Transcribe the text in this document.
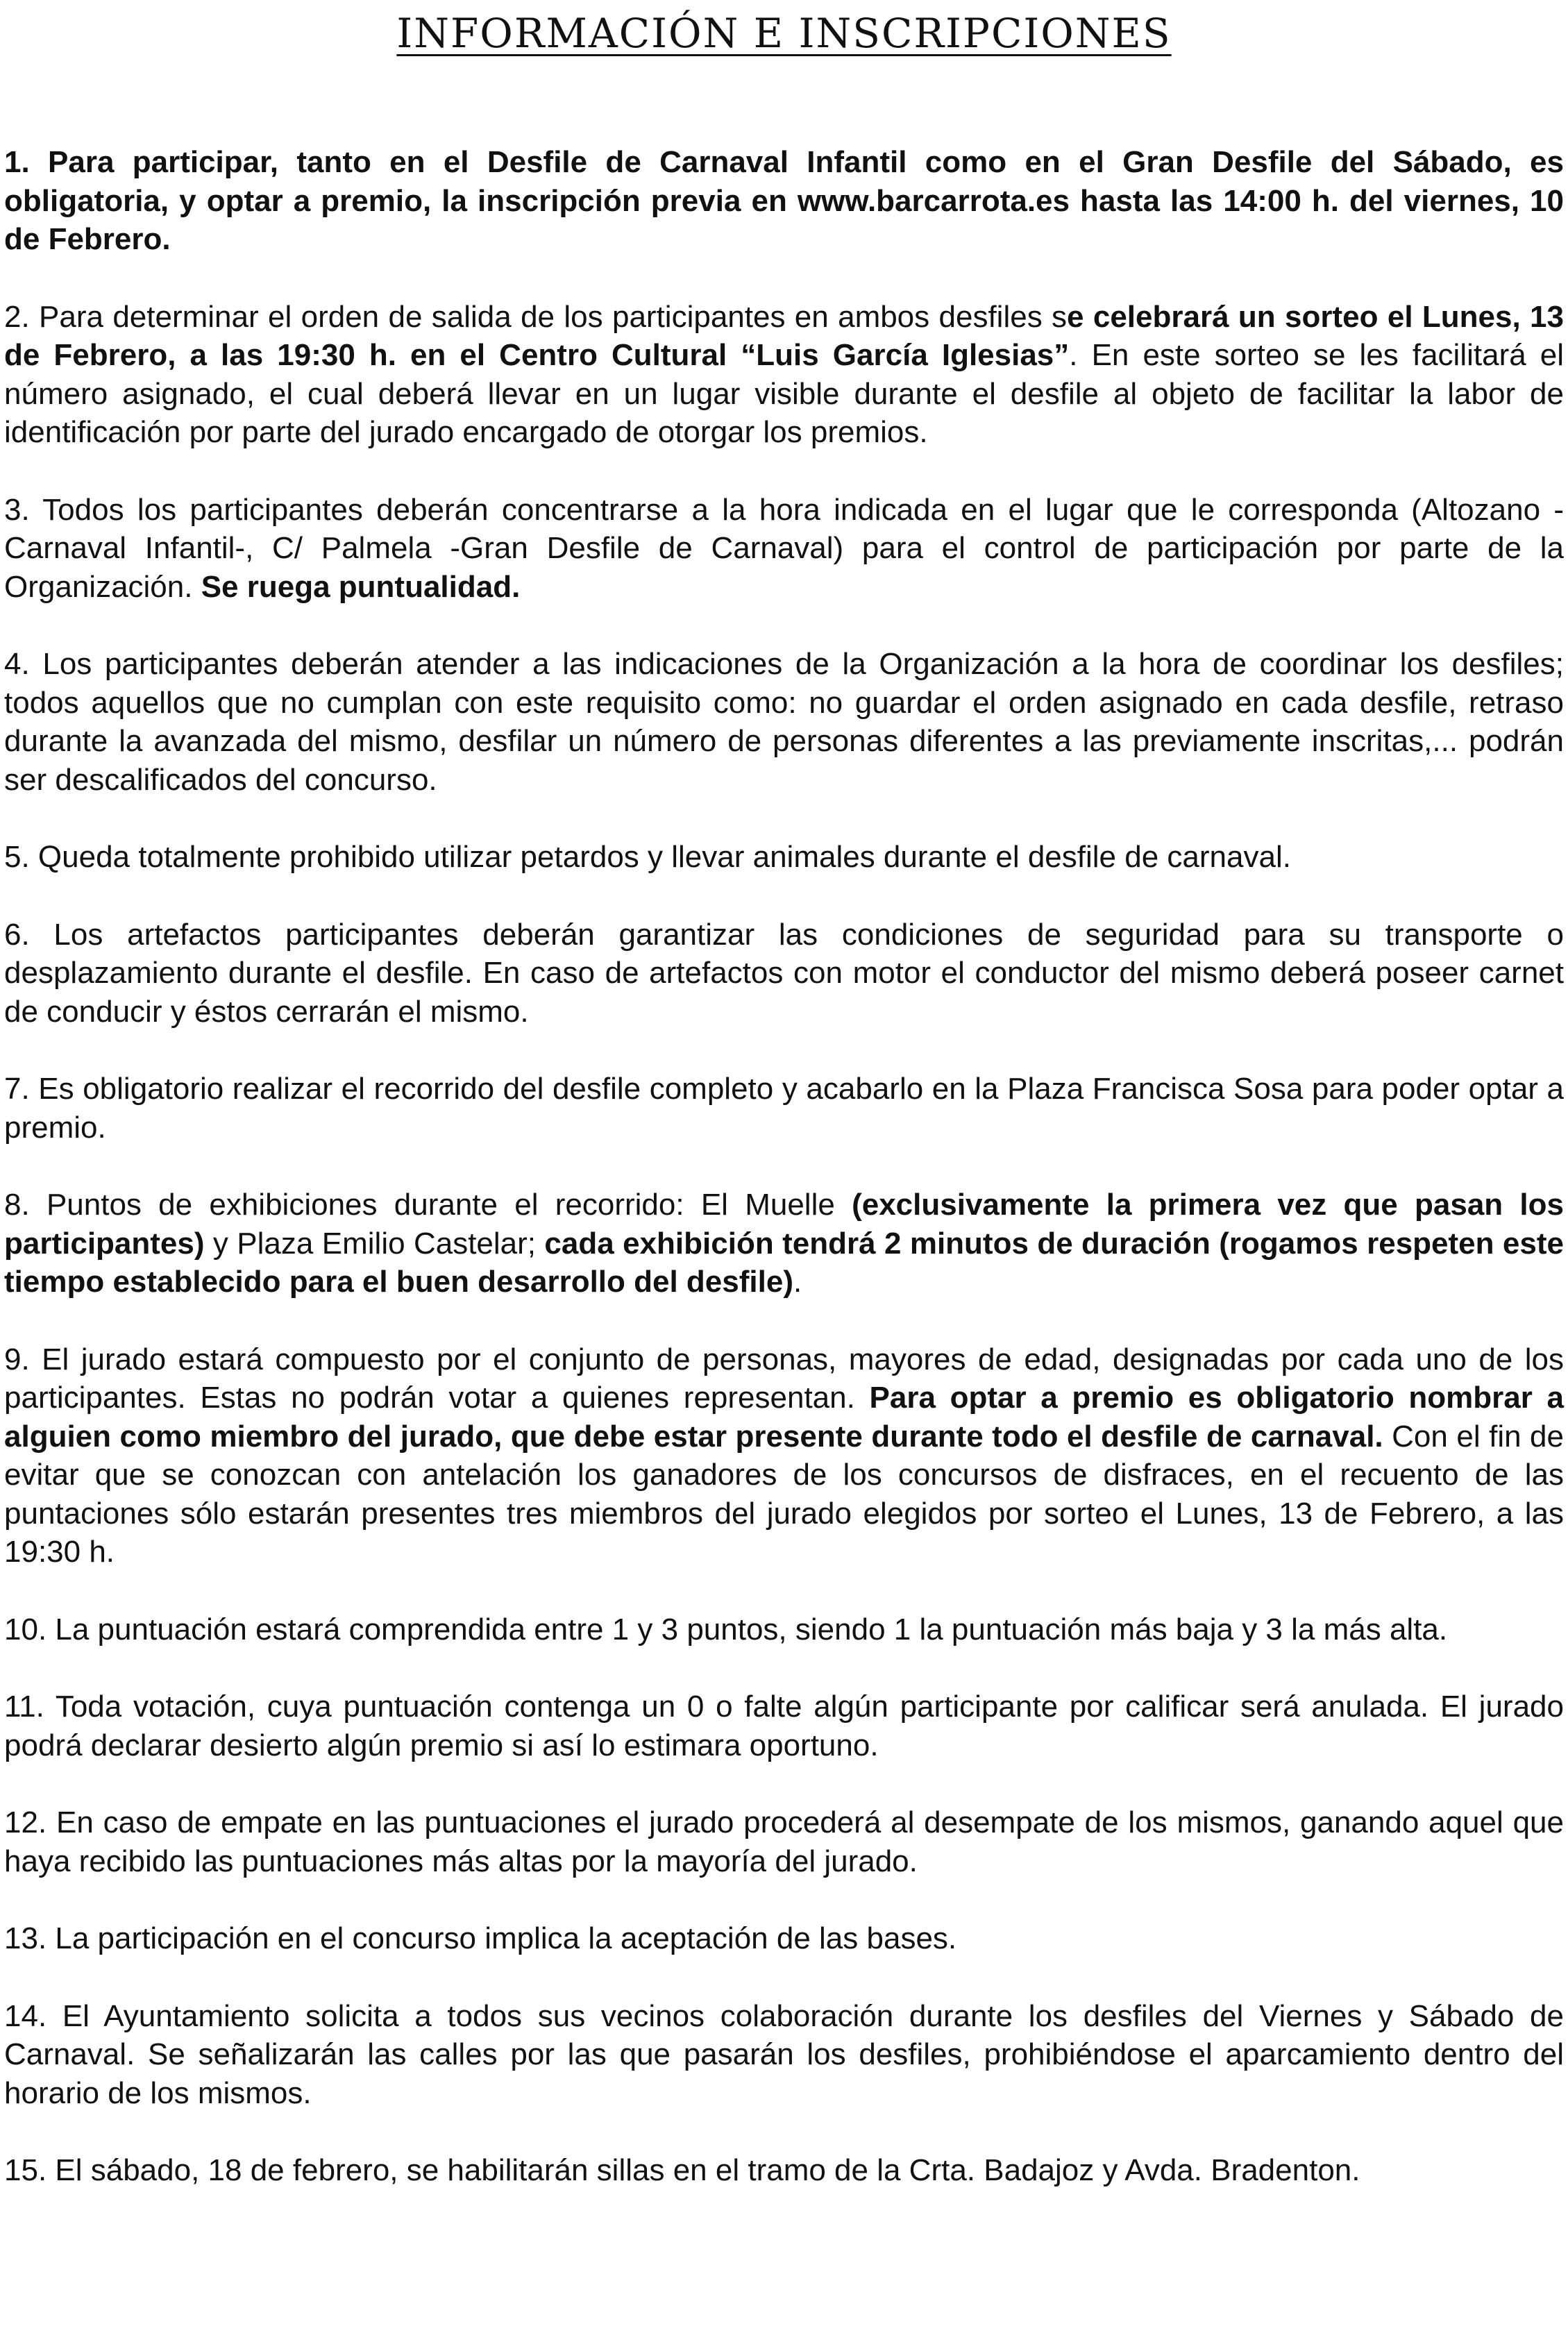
INFORMACIÓN E INSCRIPCIONES

1. Para participar, tanto en el Desfile de Carnaval Infantil como en el Gran Desfile del Sábado, es obligatoria, y optar a premio, la inscripción previa en www.barcarrota.es hasta las 14:00 h. del viernes, 10 de Febrero.

2. Para determinar el orden de salida de los participantes en ambos desfiles se celebrará un sorteo el Lunes, 13 de Febrero, a las 19:30 h. en el Centro Cultural “Luis García Iglesias”. En este sorteo se les facilitará el número asignado, el cual deberá llevar en un lugar visible durante el desfile al objeto de facilitar la labor de identificación por parte del jurado encargado de otorgar los premios.

3. Todos los participantes deberán concentrarse a la hora indicada en el lugar que le corresponda (Altozano -Carnaval Infantil-, C/ Palmela -Gran Desfile de Carnaval) para el control de participación por parte de la Organización. Se ruega puntualidad.

4. Los participantes deberán atender a las indicaciones de la Organización a la hora de coordinar los desfiles; todos aquellos que no cumplan con este requisito como: no guardar el orden asignado en cada desfile, retraso durante la avanzada del mismo, desfilar un número de personas diferentes a las previamente inscritas,... podrán ser descalificados del concurso.

5. Queda totalmente prohibido utilizar petardos y llevar animales durante el desfile de carnaval.

6. Los artefactos participantes deberán garantizar las condiciones de seguridad para su transporte o desplazamiento durante el desfile. En caso de artefactos con motor el conductor del mismo deberá poseer carnet de conducir y éstos cerrarán el mismo.

7. Es obligatorio realizar el recorrido del desfile completo y acabarlo en la Plaza Francisca Sosa para poder optar a premio.

8. Puntos de exhibiciones durante el recorrido: El Muelle (exclusivamente la primera vez que pasan los participantes) y Plaza Emilio Castelar; cada exhibición tendrá 2 minutos de duración (rogamos respeten este tiempo establecido para el buen desarrollo del desfile).

9. El jurado estará compuesto por el conjunto de personas, mayores de edad, designadas por cada uno de los participantes. Estas no podrán votar a quienes representan. Para optar a premio es obligatorio nombrar a alguien como miembro del jurado, que debe estar presente durante todo el desfile de carnaval. Con el fin de evitar que se conozcan con antelación los ganadores de los concursos de disfraces, en el recuento de las puntaciones sólo estarán presentes tres miembros del jurado elegidos por sorteo el Lunes, 13 de Febrero, a las 19:30 h.

10. La puntuación estará comprendida entre 1 y 3 puntos, siendo 1 la puntuación más baja y 3 la más alta.

11. Toda votación, cuya puntuación contenga un 0 o falte algún participante por calificar será anulada. El jurado podrá declarar desierto algún premio si así lo estimara oportuno.

12. En caso de empate en las puntuaciones el jurado procederá al desempate de los mismos, ganando aquel que haya recibido las puntuaciones más altas por la mayoría del jurado.

13. La participación en el concurso implica la aceptación de las bases.

14. El Ayuntamiento solicita a todos sus vecinos colaboración durante los desfiles del Viernes y Sábado de Carnaval. Se señalizarán las calles por las que pasarán los desfiles, prohibiéndose el aparcamiento dentro del horario de los mismos.

15. El sábado, 18 de febrero, se habilitarán sillas en el tramo de la Crta. Badajoz y Avda. Bradenton.
